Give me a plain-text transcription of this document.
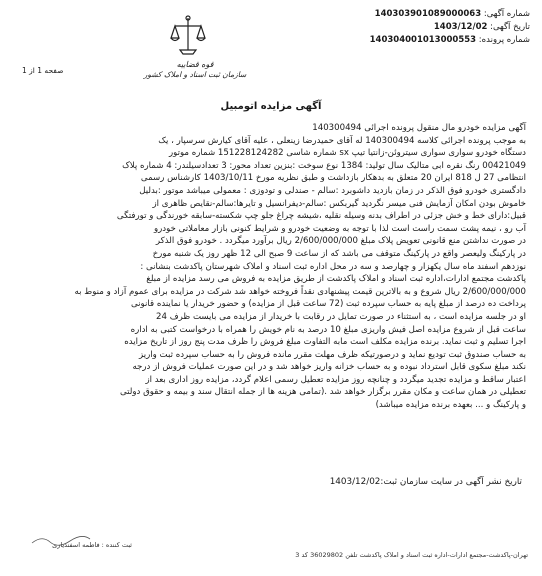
شماره آگهی: 140303901089000063
تاریخ آگهی: 1403/12/02
شماره پرونده: 140304001013000553
قوه قضاییه
سازمان ثبت اسناد و املاک کشور
صفحه 1 از 1
آگهی مزایده اتومبیل
آگهی مزایده خودرو مال منقول پرونده اجرائی 140300494
به موجب پرونده اجرائی کلاسه 140300494 له آقای حمیدرضا زینعلی ، علیه آقای کیارش سرسپار ، یک
دستگاه خودرو سواری سواری سیتروئن-زانتیا تیپ sx شماره شاسی 151228124282 شماره موتور
00421049 رنگ نقره ابی متالیک سال تولید: 1384 نوع سوخت :بنزین تعداد محور: 3 تعدادسیلندر: 4 شماره پلاک
انتظامی 27 ل 818 ایران 20 متعلق به بدهکار بازداشت و طبق نظریه مورخ 1403/10/11 کارشناس رسمی
دادگستری خودرو فوق الذکر در زمان بازدید داشوبرد :سالم - صندلی و تودوزی : معمولی میباشد موتور :بدلیل
خاموش بودن امکان آزمایش فنی میسر نگردید گیربکس :سالم-دیفرانسیل و تایرها:سالم-نقایص ظاهری از
قبیل:دارای خط و خش جزئی در اطراف بدنه وسیله نقلیه ،شیشه چراغ جلو چپ شکسته-سابقه خورندگی و تورفتگی
آب رو ، نیمه پشت سمت راست است لذا با توجه به وضعیت خودرو و شرایط کنونی بازار معاملاتی خودرو
در صورت نداشتن منع قانونی تعویض پلاک مبلغ 2/600/000/000 ریال برآورد میگردد . خودرو فوق الذکر
در پارکینگ ولیعصر واقع در پارکینگ متوقف می باشد که از ساعت 9 صبح الی 12 ظهر روز یک شنبه مورخ
نوزدهم اسفند ماه سال یکهزار و چهارصد و سه در محل اداره ثبت اسناد و املاک شهرستان پاکدشت بنشانی :
پاکدشت مجتمع ادارات،اداره ثبت اسناد و املاک پاکدشت از طریق مزایده به فروش می رسد مزایده از مبلغ
2/600/000/000 ریال شروع و به بالاترین قیمت پیشنهادی نقداً فروخته خواهد شد شرکت در مزایده برای عموم آزاد و منوط به
پرداخت ده درصد از مبلغ پایه به حساب سپرده ثبت (72 ساعت قبل از مزایده) و حضور خریدار یا نماینده قانونی
او در جلسه مزایده است ، به استثناء در صورت تمایل در رقابت با خریدار از مزایده می بایست ظرف 24
ساعت قبل از شروع مزایده اصل فیش واریزی مبلغ 10 درصد به نام خویش را همراه با درخواست کتبی به اداره
اجرا تسلیم و ثبت نماید. برنده مزایده مکلف است مابه التفاوت مبلغ فروش را ظرف مدت پنج روز از تاریخ مزایده
به حساب صندوق ثبت تودیع نماید و درصورتیکه ظرف مهلت مقرر مانده فروش را به حساب سپرده ثبت واریز
نکند مبلغ سکوی قابل استرداد نبوده و به حساب خزانه واریز خواهد شد و در این صورت عملیات فروش از درجه
اعتبار ساقط و مزایده تجدید میگردد و چنانچه روز مزایده تعطیل رسمی اعلام گردد، مزایده روز اداری بعد از
تعطیلی در همان ساعت و مکان مقرر برگزار خواهد شد .(تمامی هزینه ها از جمله انتقال سند و بیمه و حقوق دولتی
و پارکینگ و ... بعهده برنده مزایده میباشد)
تاریخ نشر آگهی در سایت سازمان ثبت:1403/12/02
ثبت کننده : فاطمه اسفندیاری
تهران-پاکدشت-مجتمع ادارات-اداره ثبت اسناد و املاک پاکدشت تلفن 36029802 کد 3
